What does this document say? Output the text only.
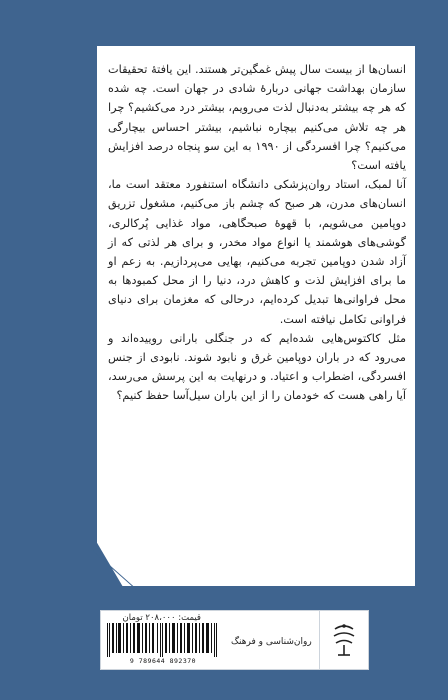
انسان‌ها از بیست سال پیش غمگین‌تر هستند. این یافتهٔ تحقیقات سازمان بهداشت جهانی دربارهٔ شادی در جهان است. چه شده که هر چه بیشتر به‌دنبال لذت می‌رویم، بیشتر درد می‌کشیم؟ چرا هر چه تلاش می‌کنیم بیچاره نباشیم، بیشتر احساس بیچارگی می‌کنیم؟ چرا افسردگی از ۱۹۹۰ به این سو پنجاه درصد افزایش یافته است؟

آنا لمبک، استاد روان‌پزشکی دانشگاه استنفورد معتقد است ما، انسان‌های مدرن، هر صبح که چشم باز می‌کنیم، مشغول تزریق دوپامین می‌شویم، با قهوهٔ صبحگاهی، مواد غذایی پُرکالری، گوشی‌های هوشمند یا انواع مواد مخدر، و برای هر لذتی که از آزاد شدن دوپامین تجربه می‌کنیم، بهایی می‌پردازیم. به زعم او ما برای افزایش لذت و کاهش درد، دنیا را از محل کمبودها به محل فراوانی‌ها تبدیل کرده‌ایم، درحالی که مغزمان برای دنیای فراوانی تکامل نیافته است.

مثل کاکتوس‌هایی شده‌ایم که در جنگلی بارانی روییده‌اند و می‌رود که در باران دوپامین غرق و نابود شوند. نابودی از جنس افسردگی، اضطراب و اعتیاد. و درنهایت به این پرسش می‌رسد، آیا راهی هست که خودمان را از این باران سیل‌آسا حفظ کنیم؟

قیمت: ۲۰۸،۰۰۰ تومان
9 789644 892370
روان‌شناسی و فرهنگ
